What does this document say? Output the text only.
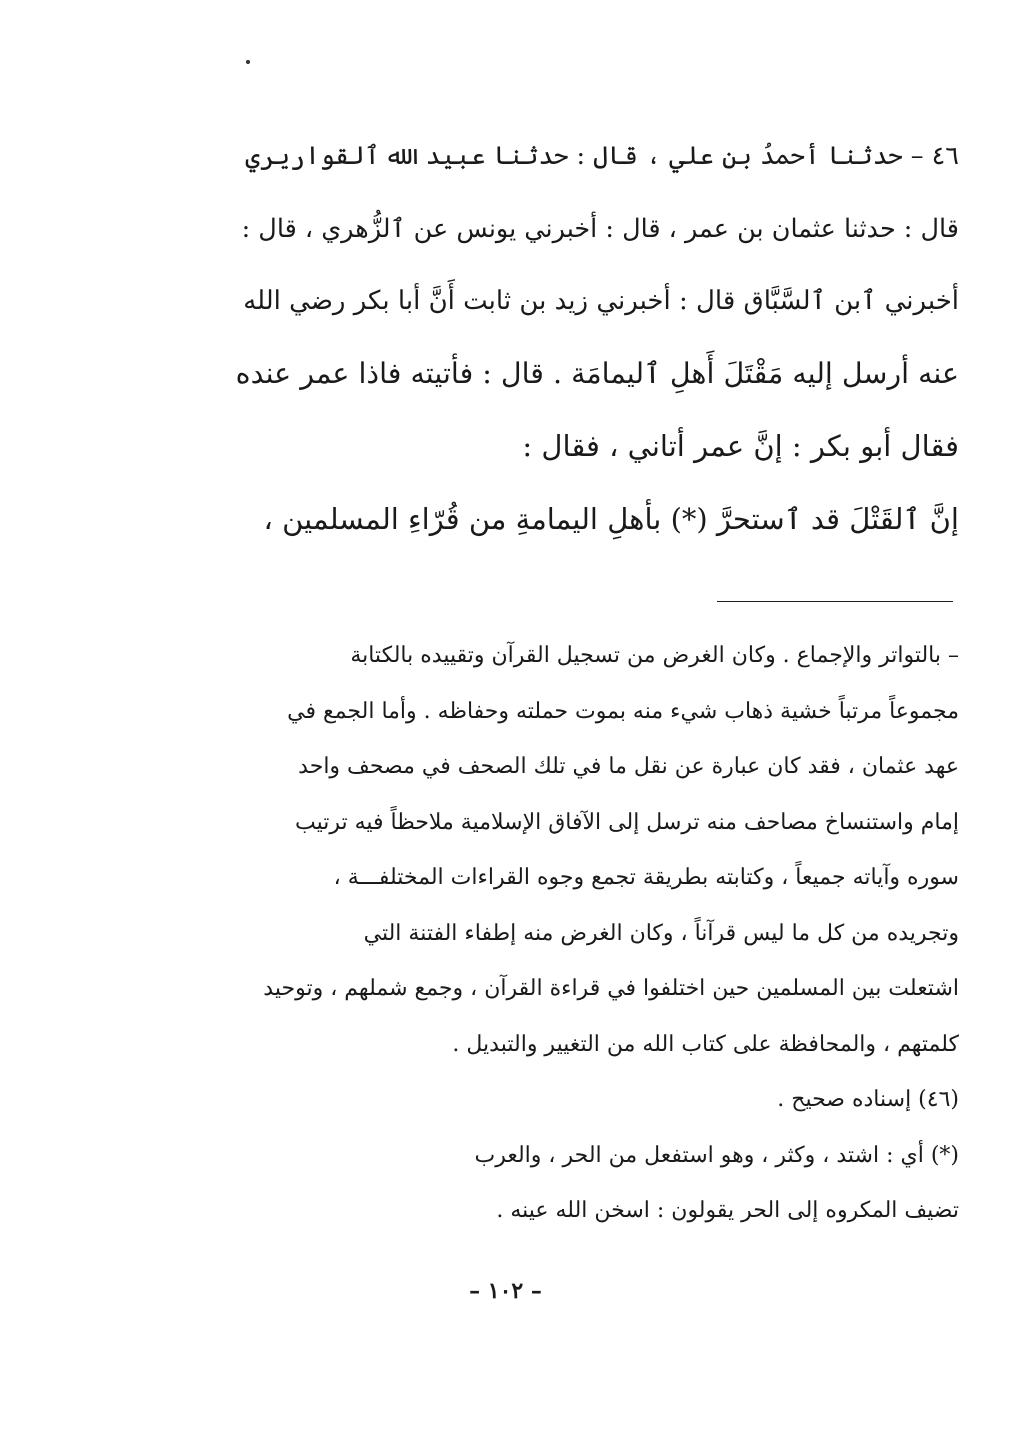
٤٦ – حدثنا أحمدُ بن علي ، قال : حدثنا عبيد الله ٱلقواريري
قال : حدثنا عثمان بن عمر ، قال : أخبرني يونس عن ٱلزُّهري ، قال :
أخبرني ٱبن ٱلسَّبَّاق قال : أخبرني زيد بن ثابت أَنَّ أبا بكر رضي الله
عنه أرسل إليه مَقْتَلَ أَهلِ ٱليمامَة . قال : فأتيته فاذا عمر عنده
فقال أبو بكر : إنَّ عمر أتاني ، فقال :
إنَّ ٱلقَتْلَ قد ٱستحرَّ (*) بأهلِ اليمامةِ من قُرّاءِ المسلمين ،
– بالتواتر والإجماع . وكان الغرض من تسجيل القرآن وتقييده بالكتابة
مجموعاً مرتباً خشية ذهاب شيء منه بموت حملته وحفاظه . وأما الجمع في
عهد عثمان ، فقد كان عبارة عن نقل ما في تلك الصحف في مصحف واحد
إمام واستنساخ مصاحف منه ترسل إلى الآفاق الإسلامية ملاحظاً فيه ترتيب
سوره وآياته جميعاً ، وكتابته بطريقة تجمع وجوه القراءات المختلفـــة ،
وتجريده من كل ما ليس قرآناً ، وكان الغرض منه إطفاء الفتنة التي
اشتعلت بين المسلمين حين اختلفوا في قراءة القرآن ، وجمع شملهم ، وتوحيد
كلمتهم ، والمحافظة على كتاب الله من التغيير والتبديل .
(٤٦) إسناده صحيح .
(*) أي : اشتد ، وكثر ، وهو استفعل من الحر ، والعرب
تضيف المكروه إلى الحر يقولون : اسخن الله عينه .
– ١٠٢ –
